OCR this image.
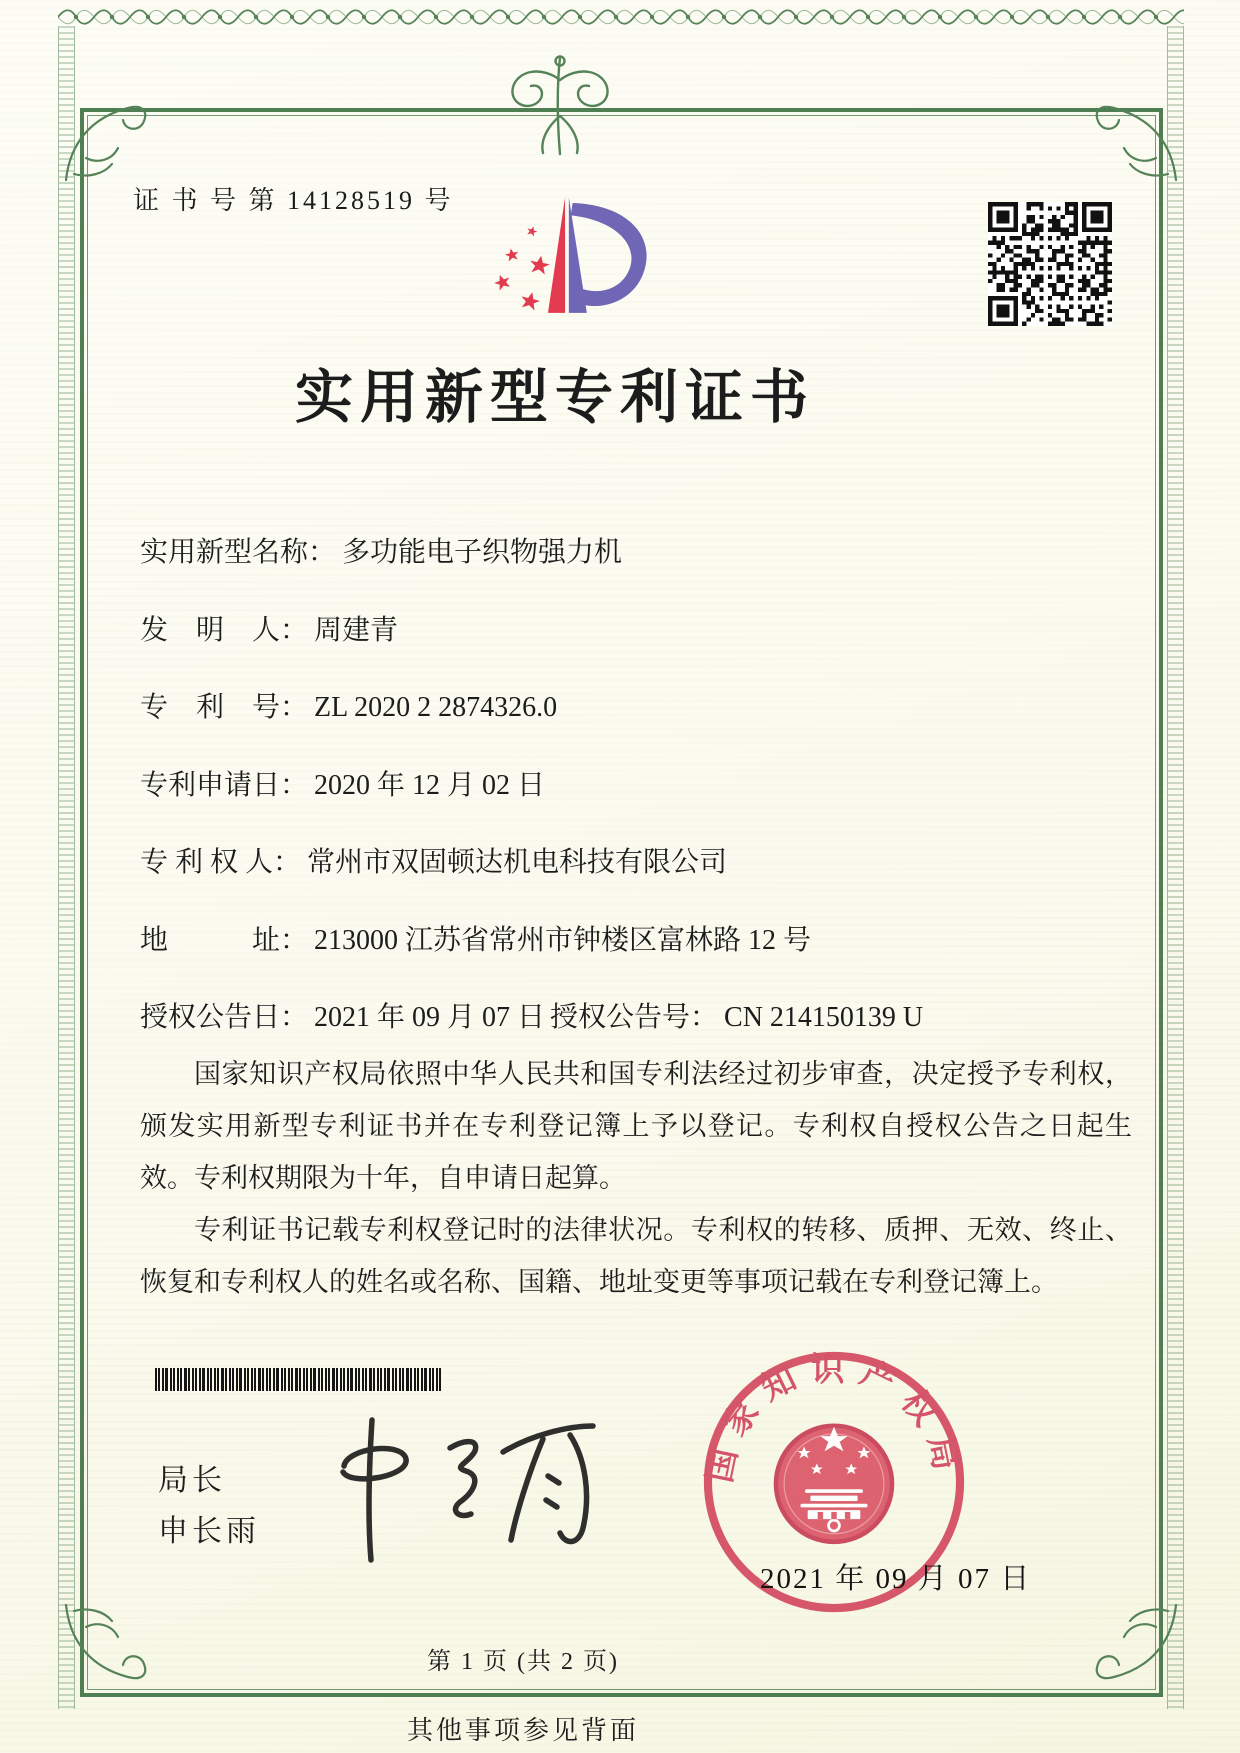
证 书 号 第 14128519 号
实用新型专利证书
实用新型名称： 多功能电子织物强力机
发　明　人： 周建青
专　利　号： ZL 2020 2 2874326.0
专利申请日： 2020 年 12 月 02 日
专 利 权 人： 常州市双固顿达机电科技有限公司
地　　　址： 213000 江苏省常州市钟楼区富林路 12 号
授权公告日： 2021 年 09 月 07 日 授权公告号： CN 214150139 U

国家知识产权局依照中华人民共和国专利法经过初步审查，决定授予专利权，颁发实用新型专利证书并在专利登记簿上予以登记。专利权自授权公告之日起生效。专利权期限为十年，自申请日起算。

专利证书记载专利权登记时的法律状况。专利权的转移、质押、无效、终止、恢复和专利权人的姓名或名称、国籍、地址变更等事项记载在专利登记簿上。

局长
申长雨
国家知识产权局
2021 年 09 月 07 日
第 1 页 (共 2 页)
其他事项参见背面
